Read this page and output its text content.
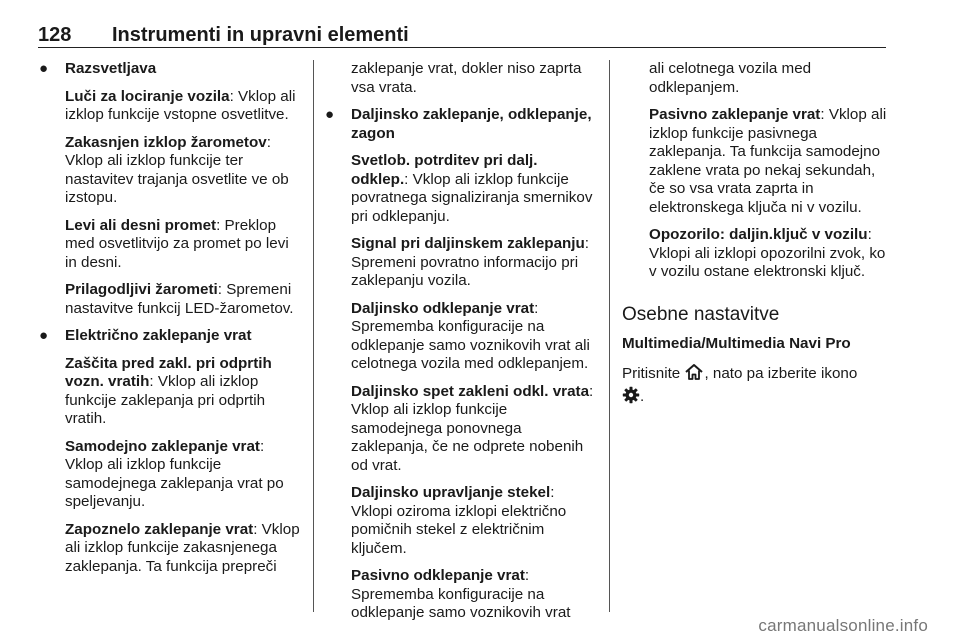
128 Instrumenti in upravni elementi
● Razsvetljava
Luči za lociranje vozila: Vklop ali izklop funkcije vstopne osvetlitve.
Zakasnjen izklop žarometov: Vklop ali izklop funkcije ter nastavitev trajanja osvetlite ve ob izstopu.
Levi ali desni promet: Preklop med osvetlitvijo za promet po levi in desni.
Prilagodljivi žarometi: Spremeni nastavitve funkcij LED-žarometov.
● Električno zaklepanje vrat
Zaščita pred zakl. pri odprtih vozn. vratih: Vklop ali izklop funkcije zaklepanja pri odprtih vratih.
Samodejno zaklepanje vrat: Vklop ali izklop funkcije samodejnega zaklepanja vrat po speljevanju.
Zapoznelo zaklepanje vrat: Vklop ali izklop funkcije zakasnjenega zaklepanja. Ta funkcija prepreči
zaklepanje vrat, dokler niso zaprta vsa vrata.
● Daljinsko zaklepanje, odklepanje, zagon
Svetlob. potrditev pri dalj. odklep.: Vklop ali izklop funkcije povratnega signaliziranja smernikov pri odklepanju.
Signal pri daljinskem zaklepanju: Spremeni povratno informacijo pri zaklepanju vozila.
Daljinsko odklepanje vrat: Sprememba konfiguracije na odklepanje samo voznikovih vrat ali celotnega vozila med odklepanjem.
Daljinsko spet zakleni odkl. vrata: Vklop ali izklop funkcije samodejnega ponovnega zaklepanja, če ne odprete nobenih od vrat.
Daljinsko upravljanje stekel: Vklopi oziroma izklopi električno pomičnih stekel z električnim ključem.
Pasivno odklepanje vrat: Sprememba konfiguracije na odklepanje samo voznikovih vrat
ali celotnega vozila med odklepanjem.
Pasivno zaklepanje vrat: Vklop ali izklop funkcije pasivnega zaklepanja. Ta funkcija samodejno zaklene vrata po nekaj sekundah, če so vsa vrata zaprta in elektronskega ključa ni v vozilu.
Opozorilo: daljin.ključ v vozilu: Vklopi ali izklopi opozorilni zvok, ko v vozilu ostane elektronski ključ.
Osebne nastavitve
Multimedia/Multimedia Navi Pro
Pritisnite , nato pa izberite ikono
.
carmanualsonline.info
